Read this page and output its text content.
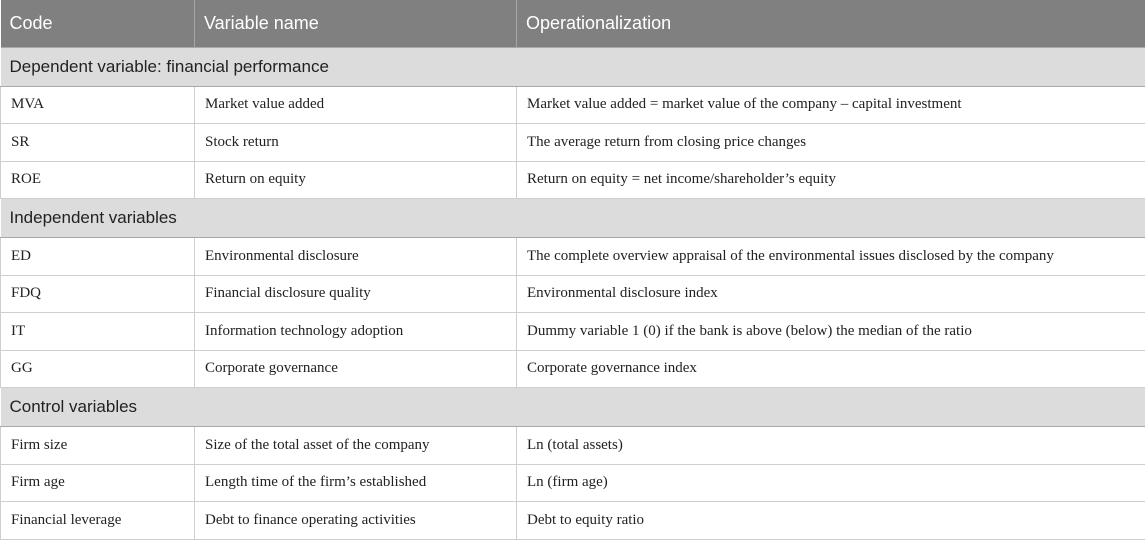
Code	Variable name	Operationalization
Dependent variable: financial performance		
MVA	Market value added	Market value added = market value of the company – capital investment
SR	Stock return	The average return from closing price changes
ROE	Return on equity	Return on equity = net income/shareholder’s equity
Independent variables		
ED	Environmental disclosure	The complete overview appraisal of the environmental issues disclosed by the company
FDQ	Financial disclosure quality	Environmental disclosure index
IT	Information technology adoption	Dummy variable 1 (0) if the bank is above (below) the median of the ratio
GG	Corporate governance	Corporate governance index
Control variables		
Firm size	Size of the total asset of the company	Ln (total assets)
Firm age	Length time of the firm’s established	Ln (firm age)
Financial leverage	Debt to finance operating activities	Debt to equity ratio
